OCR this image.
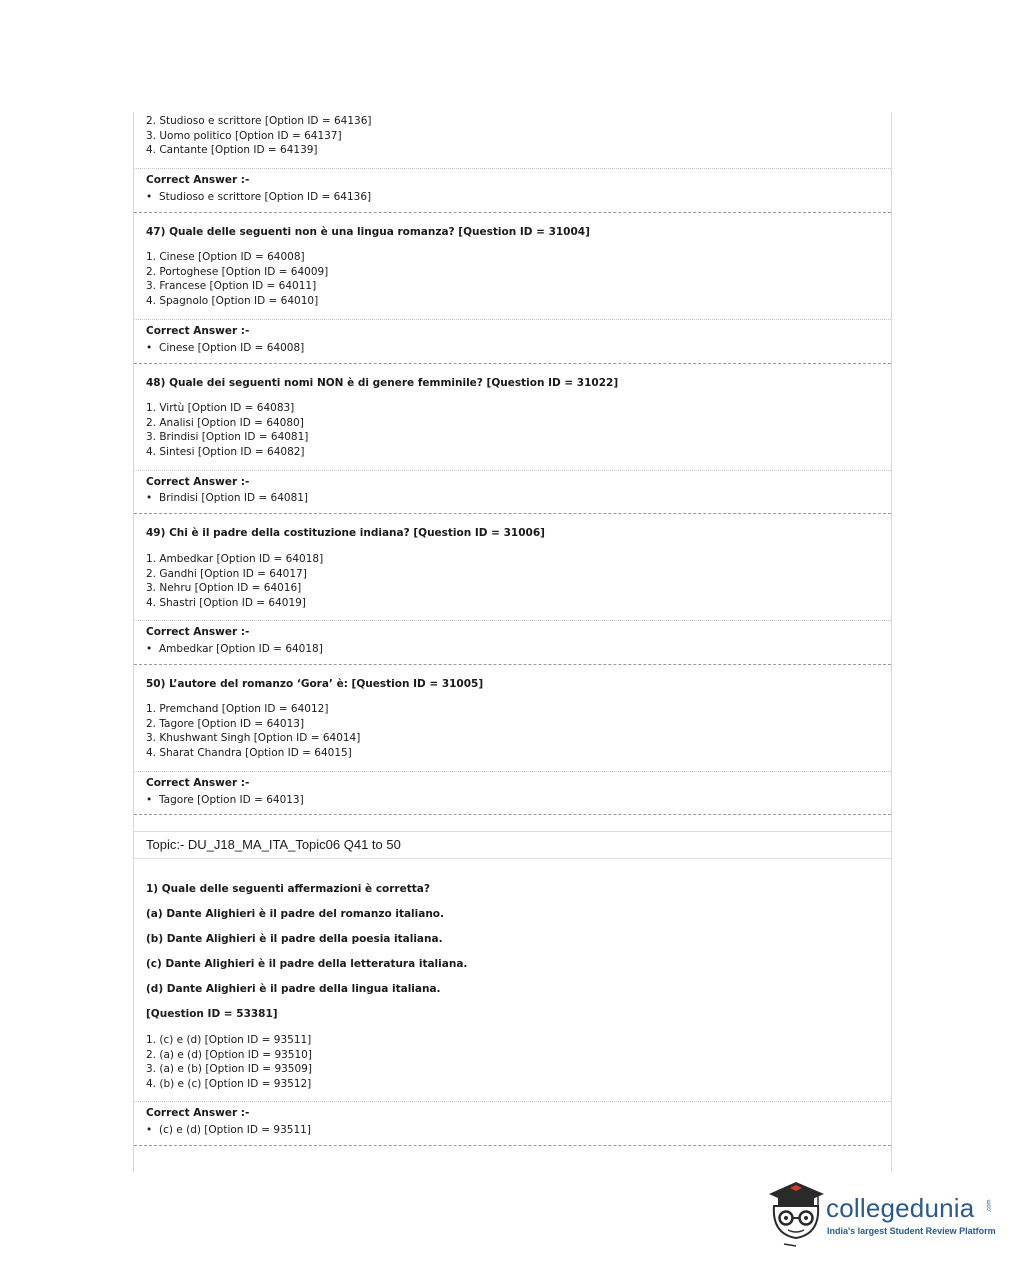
2. Studioso e scrittore [Option ID = 64136]
3. Uomo politico [Option ID = 64137]
4. Cantante [Option ID = 64139]
Correct Answer :-
• Studioso e scrittore [Option ID = 64136]
47) Quale delle seguenti non è una lingua romanza? [Question ID = 31004]
1. Cinese [Option ID = 64008]
2. Portoghese [Option ID = 64009]
3. Francese [Option ID = 64011]
4. Spagnolo [Option ID = 64010]
Correct Answer :-
• Cinese [Option ID = 64008]
48) Quale dei seguenti nomi NON è di genere femminile? [Question ID = 31022]
1. Virtù [Option ID = 64083]
2. Analisi [Option ID = 64080]
3. Brindisi [Option ID = 64081]
4. Sintesi [Option ID = 64082]
Correct Answer :-
• Brindisi [Option ID = 64081]
49) Chi è il padre della costituzione indiana? [Question ID = 31006]
1. Ambedkar [Option ID = 64018]
2. Gandhi [Option ID = 64017]
3. Nehru [Option ID = 64016]
4. Shastri [Option ID = 64019]
Correct Answer :-
• Ambedkar [Option ID = 64018]
50) L’autore del romanzo ‘Gora’ è: [Question ID = 31005]
1. Premchand [Option ID = 64012]
2. Tagore [Option ID = 64013]
3. Khushwant Singh [Option ID = 64014]
4. Sharat Chandra [Option ID = 64015]
Correct Answer :-
• Tagore [Option ID = 64013]
Topic:- DU_J18_MA_ITA_Topic06 Q41 to 50
1) Quale delle seguenti affermazioni è corretta?
(a) Dante Alighieri è il padre del romanzo italiano.
(b) Dante Alighieri è il padre della poesia italiana.
(c) Dante Alighieri è il padre della letteratura italiana.
(d) Dante Alighieri è il padre della lingua italiana.
[Question ID = 53381]
1. (c) e (d) [Option ID = 93511]
2. (a) e (d) [Option ID = 93510]
3. (a) e (b) [Option ID = 93509]
4. (b) e (c) [Option ID = 93512]
Correct Answer :-
• (c) e (d) [Option ID = 93511]
collegedunia .com
India's largest Student Review Platform
